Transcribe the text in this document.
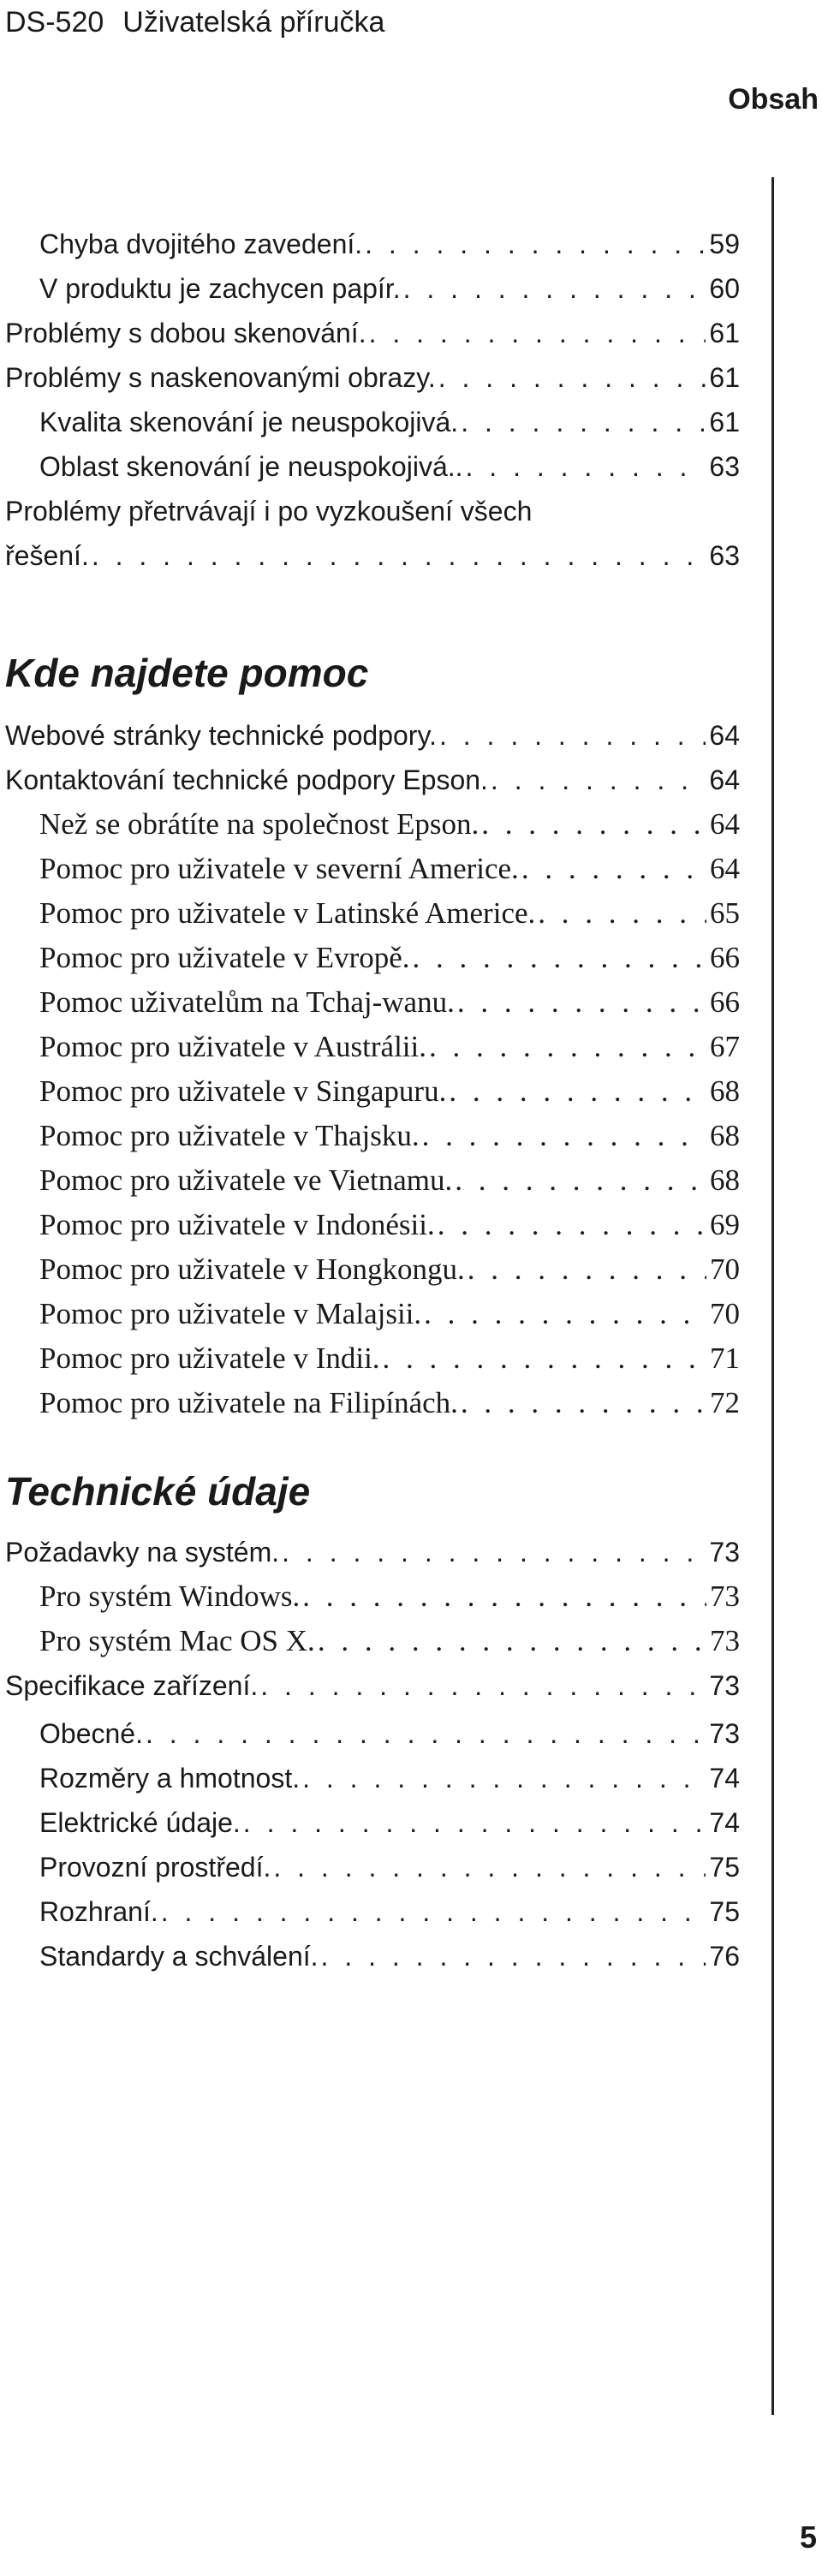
DS-520 Uživatelská příručka
Obsah
Chyba dvojitého zavedení. . . .	59
V produktu je zachycen papír. . . .	60
Problémy s dobou skenování. . . .	61
Problémy s naskenovanými obrazy. . . .	61
Kvalita skenování je neuspokojivá. . . .	61
Oblast skenování je neuspokojivá.. . . .	63
Problémy přetrvávají i po vyzkoušení všech
řešení. . . .	63
Kde najdete pomoc
Webové stránky technické podpory. . . .	64
Kontaktování technické podpory Epson. . . .	64
Než se obrátíte na společnost Epson. . . .	64
Pomoc pro uživatele v severní Americe. . . .	64
Pomoc pro uživatele v Latinské Americe. . . .	65
Pomoc pro uživatele v Evropě. . . .	66
Pomoc uživatelům na Tchaj-wanu. . . .	66
Pomoc pro uživatele v Austrálii. . . .	67
Pomoc pro uživatele v Singapuru. . . .	68
Pomoc pro uživatele v Thajsku. . . .	68
Pomoc pro uživatele ve Vietnamu. . . .	68
Pomoc pro uživatele v Indonésii. . . .	69
Pomoc pro uživatele v Hongkongu. . . .	70
Pomoc pro uživatele v Malajsii. . . .	70
Pomoc pro uživatele v Indii. . . .	71
Pomoc pro uživatele na Filipínách. . . .	72
Technické údaje
Požadavky na systém. . . .	73
Pro systém Windows. . . .	73
Pro systém Mac OS X. . . .	73
Specifikace zařízení. . . .	73
Obecné. . . .	73
Rozměry a hmotnost. . . .	74
Elektrické údaje. . . .	74
Provozní prostředí. . . .	75
Rozhraní. . . .	75
Standardy a schválení. . . .	76
5
